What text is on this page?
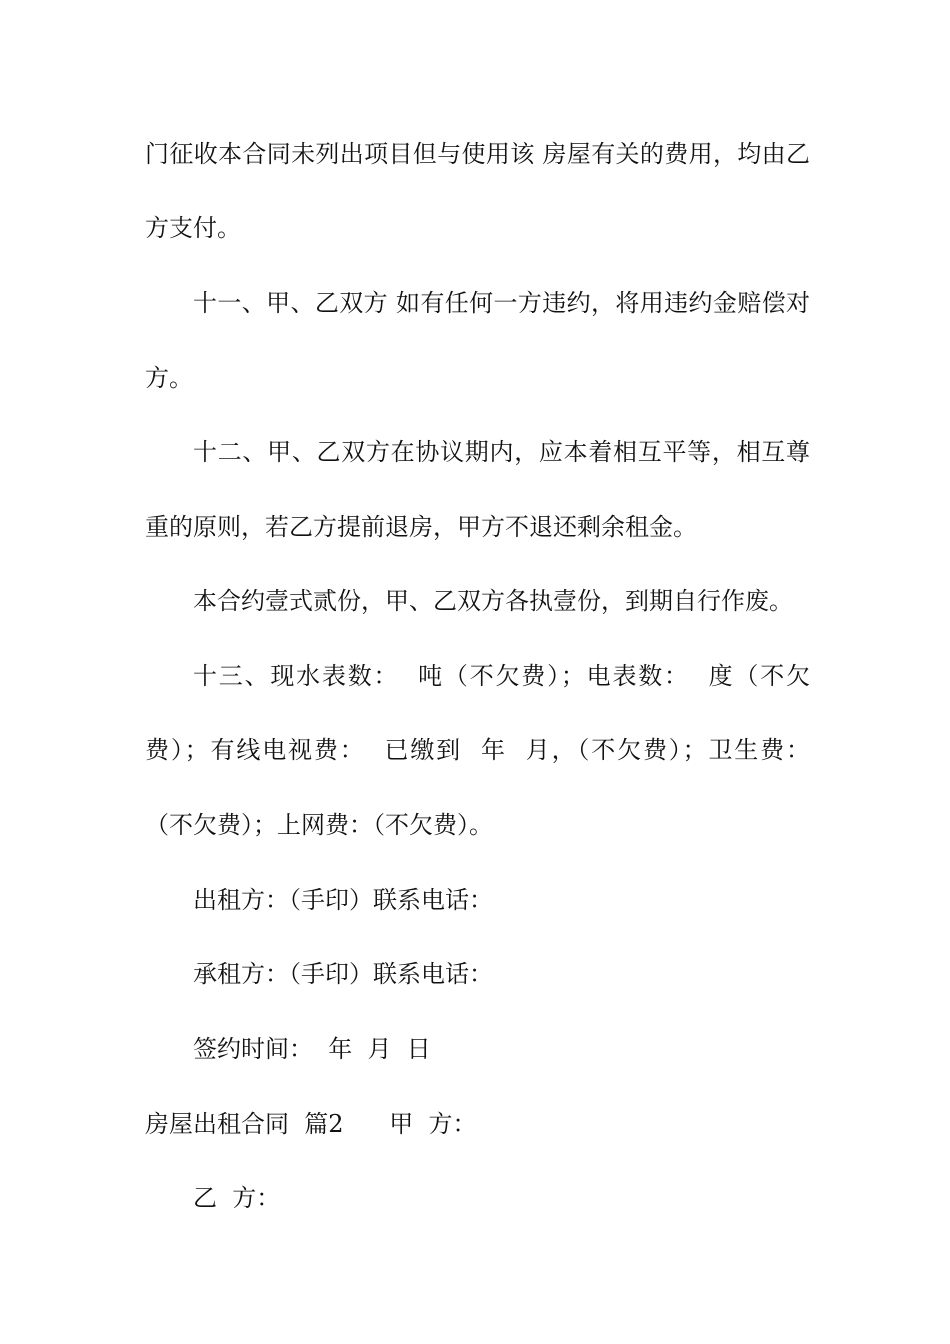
门征收本合同未列出项目但与使用该 房屋有关的费用，均由乙
方支付。
十一、甲、乙双方 如有任何一方违约，将用违约金赔偿对
方。
十二、甲、乙双方在协议期内，应本着相互平等，相互尊
重的原则，若乙方提前退房，甲方不退还剩余租金。
本合约壹式贰份，甲、乙双方各执壹份，到期自行作废。
十三、现水表数：  吨（不欠费）；电表数：  度（不欠
费）；有线电视费：  已缴到  年  月，（不欠费）；卫生费：
（不欠费）；上网费：（不欠费）。
出租方：（手印）联系电话：
承租方：（手印）联系电话：
签约时间：  年  月  日
房屋出租合同  篇2      甲  方：
乙  方：
